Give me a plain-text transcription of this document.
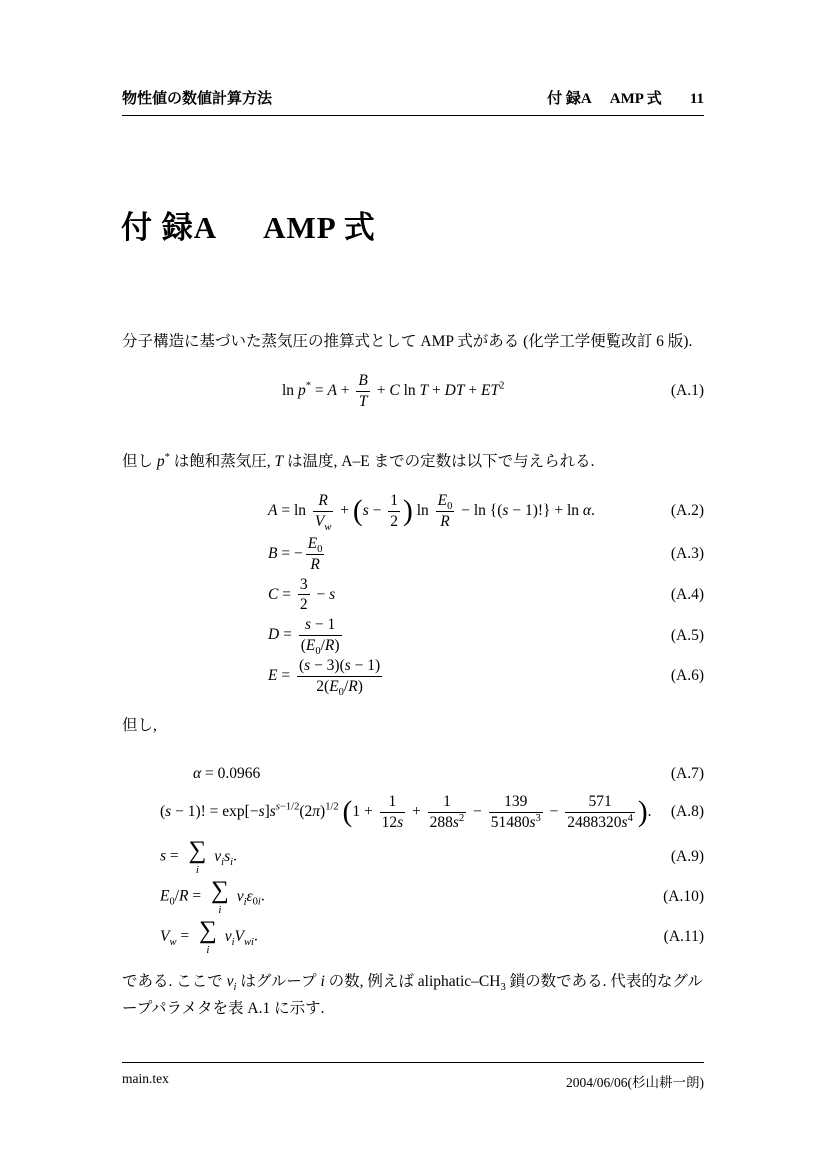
物性値の数値計算方法	付 録A AMP 式 11
付 録A AMP 式

分子構造に基づいた蒸気圧の推算式として AMP 式がある (化学工学便覧改訂 6 版).

$\ln p^* = A + \frac{B}{T} + C$ ln T + DT + $ET^2$	(A.1)

但し p* は飽和蒸気圧, T は温度, A–E までの定数は以下で与えられる.

$A = \ln \frac{R}{V_w} + (s - \frac{1}{2}$ ) $\ln \frac{E_0}{R} - \ln \{(s - 1)!\} + \ln \alpha$.	(A.2)
B = − $\frac{E_0}{R}$	(A.3)
$C = \frac{3}{2} - s$	(A.4)
$D = \frac{s - 1}{(E_0/R)}$	(A.5)
$E = \frac{(s - 3)(s - 1)}{2(E_0/R)}$	(A.6)

但し,

α = 0.0966	(A.7)
(s − 1)! = $\exp[-s]s^{s-1/2}(2\pi)^{1/2}$ ($1 + \frac{1}{12s} + \frac{1}{288s^2} - \frac{139}{51480s^3} - \frac{571}{2488320s^4}$ ). (A.8)
s = ∑
i
$\nu_is_i$.	(A.9)
$E_0/R$ = ∑
i
$\nu_i\varepsilon_{0i}$.	(A.10)
$V_w$ = ∑
i
$\nu_iV_{wi}$.	(A.11)

である. ここで $\nu_i$ はグループ i の数, 例えば aliphatic–$CH_3$ 鎖の数である. 代表的なグループパラメタを表 A.1 に示す.

main.tex	2004/06/06(杉山耕一朗)
